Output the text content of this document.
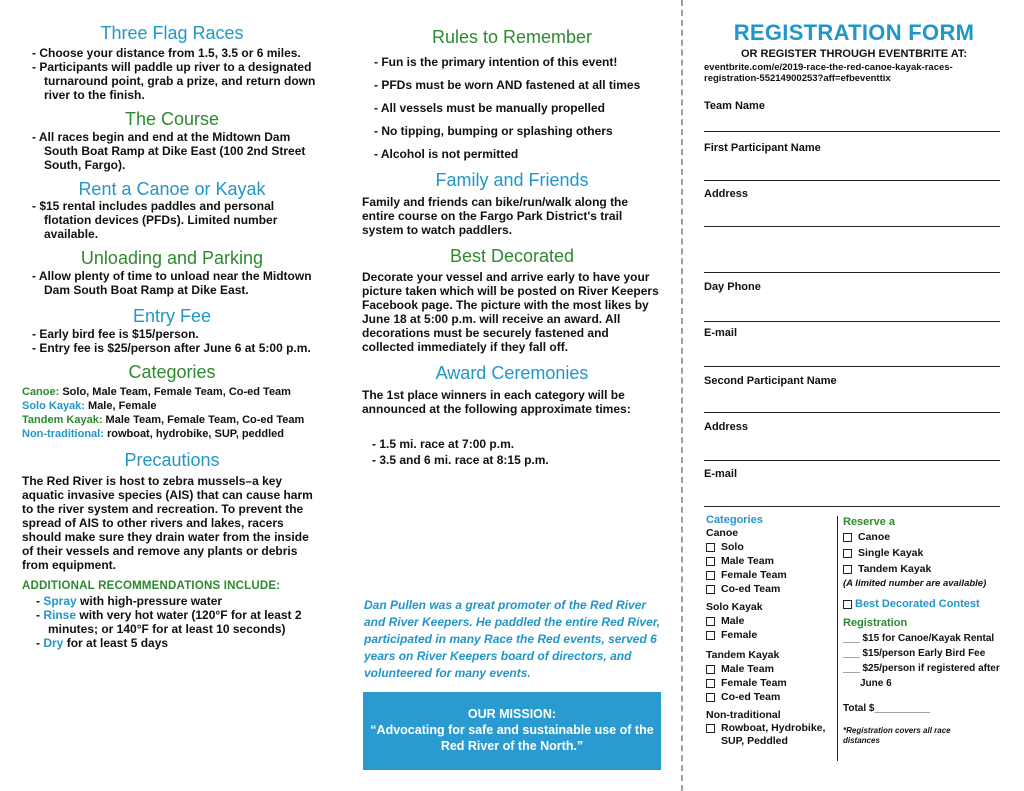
Three Flag Races
- Choose your distance from 1.5, 3.5 or 6 miles.
- Participants will paddle up river to a designated turnaround point, grab a prize, and return down river to the finish.
The Course
- All races begin and end at the Midtown Dam South Boat Ramp at Dike East (100 2nd Street South, Fargo).
Rent a Canoe or Kayak
- $15 rental includes paddles and personal flotation devices (PFDs). Limited number available.
Unloading and Parking
- Allow plenty of time to unload near the Midtown Dam South Boat Ramp at Dike East.
Entry Fee
- Early bird fee is $15/person.
- Entry fee is $25/person after June 6 at 5:00 p.m.
Categories

Canoe: Solo, Male Team, Female Team, Co-ed Team

Solo Kayak: Male, Female

Tandem Kayak: Male Team, Female Team, Co-ed Team

Non-traditional: rowboat, hydrobike, SUP, peddled

Precautions

The Red River is host to zebra mussels–a key aquatic invasive species (AIS) that can cause harm to the river system and recreation. To prevent the spread of AIS to other rivers and lakes, racers should make sure they drain water from the inside of their vessels and remove any plants or debris from equipment.

ADDITIONAL RECOMMENDATIONS INCLUDE:
- Spray with high-pressure water
- Rinse with very hot water (120°F for at least 2 minutes; or 140°F for at least 10 seconds)
- Dry for at least 5 days
Rules to Remember
- Fun is the primary intention of this event!
- PFDs must be worn AND fastened at all times
- All vessels must be manually propelled
- No tipping, bumping or splashing others
- Alcohol is not permitted
Family and Friends

Family and friends can bike/run/walk along the entire course on the Fargo Park District's trail system to watch paddlers.

Best Decorated

Decorate your vessel and arrive early to have your picture taken which will be posted on River Keepers Facebook page. The picture with the most likes by June 18 at 5:00 p.m. will receive an award. All decorations must be securely fastened and collected immediately if they fall off.

Award Ceremonies

The 1st place winners in each category will be announced at the following approximate times:

- 1.5 mi. race at 7:00 p.m.
- 3.5 and 6 mi. race at 8:15 p.m.

Dan Pullen was a great promoter of the Red River and River Keepers. He paddled the entire Red River, participated in many Race the Red events, served 6 years on River Keepers board of directors, and volunteered for many events.

OUR MISSION:
“Advocating for safe and sustainable use of the Red River of the North.”
REGISTRATION FORM
OR REGISTER THROUGH EVENTBRITE AT:
eventbrite.com/e/2019-race-the-red-canoe-kayak-races-registration-55214900253?aff=efbeventtix
Team Name
First Participant Name
Address
Day Phone
E-mail
Second Participant Name
Address
E-mail
Categories
Canoe
Solo
Male Team
Female Team
Co-ed Team
Solo Kayak
Male
Female
Tandem Kayak
Male Team
Female Team
Co-ed Team
Non-traditional
Rowboat, Hydrobike, SUP, Peddled
Reserve a
Canoe
Single Kayak
Tandem Kayak
(A limited number are available)
Best Decorated Contest
Registration
___ $15 for Canoe/Kayak Rental
___ $15/person Early Bird Fee
___ $25/person if registered after June 6
Total $__________
*Registration covers all race distances
